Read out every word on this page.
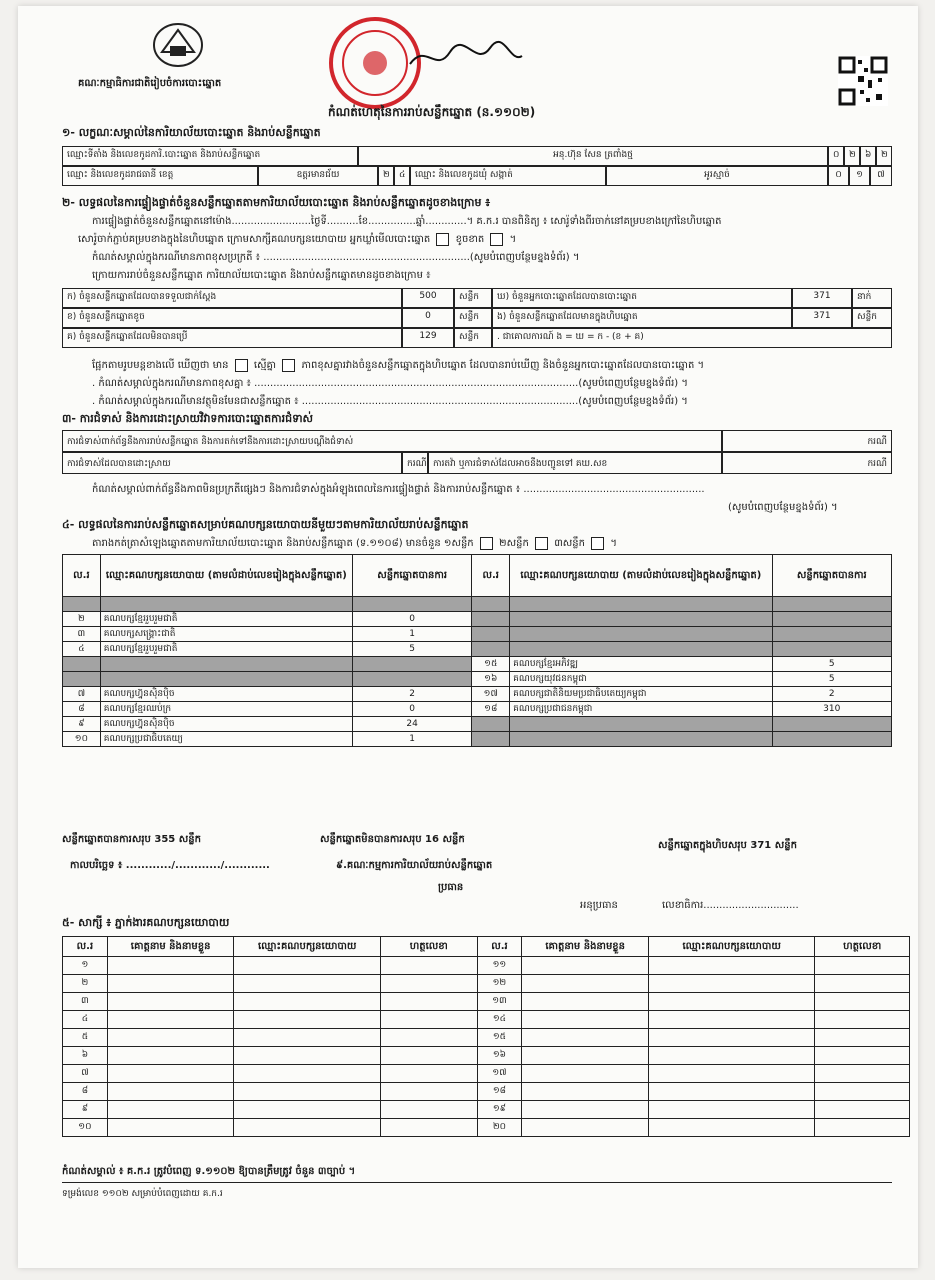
គណៈកម្មាធិការជាតិរៀបចំការបោះឆ្នោត
កំណត់ហេតុនៃការរាប់សន្លឹកឆ្នោត (ន.១១០២)
១- លក្ខណៈសម្គាល់នៃការិយាល័យបោះឆ្នោត និងរាប់សន្លឹកឆ្នោត
ឈ្មោះទីតាំង និងលេខកូដការិ.បោះឆ្នោត និងរាប់សន្លឹកឆ្នោត	អនុ.ហ៊ុន សែន ត្រពាំងថ្ម	០	២	៦	២
ឈ្មោះ និងលេខកូដរាជធានី ខេត្ត	ឧត្តរមានជ័យ	២	៤	ឈ្មោះ និងលេខកូដឃុំ សង្កាត់	អូរស្មាច់	០	១	៧
២- លទ្ធផលនៃការផ្ទៀងផ្ទាត់ចំនួនសន្លឹកឆ្នោតតាមការិយាល័យបោះឆ្នោត និងរាប់សន្លឹកឆ្នោតដូចខាងក្រោម ៖
ការផ្ទៀងផ្ទាត់ចំនួនសន្លឹកឆ្នោតនៅម៉ោង.........................ថ្ងៃទី..........ខែ...............ឆ្នាំ.............។ គ.ក.រ បានពិនិត្យ ៖ សោរ៉ូទាំងពីរចាក់នៅគម្របខាងក្រៅនៃហិបឆ្នោត
សោរ៉ូចាក់ភ្ជាប់គម្របខាងក្នុងនៃហិបឆ្នោត ក្រោមសាក្សីគណបក្សនយោបាយ អ្នកឃ្លាំមើលបោះឆ្នោត	ខូចខាត  ។
កំណត់សម្គាល់ក្នុងករណីមានភាពខុសប្រក្រតី ៖ .................................................................(សូមបំពេញបន្ថែមខ្នងទំព័រ) ។
ក្រោយការរាប់ចំនួនសន្លឹកឆ្នោត ការិយាល័យបោះឆ្នោត និងរាប់សន្លឹកឆ្នោតមានដូចខាងក្រោម ៖
ក) ចំនួនសន្លឹកឆ្នោតដែលបានទទួលជាក់ស្តែង	500	សន្លឹក	ឃ) ចំនួនអ្នកបោះឆ្នោតដែលបានបោះឆ្នោត	371	នាក់
ខ) ចំនួនសន្លឹកឆ្នោតខូច	0	សន្លឹក	ង) ចំនួនសន្លឹកឆ្នោតដែលមានក្នុងហិបឆ្នោត	371	សន្លឹក
គ) ចំនួនសន្លឹកឆ្នោតដែលមិនបានប្រើ	129	សន្លឹក	. ជាគោលការណ៍ ង = ឃ = ក - (ខ + គ)
ផ្អែកតាមរូបមន្តខាងលើ ឃើញថា មាន	ស្មើគ្នា	ភាពខុសគ្នារវាងចំនួនសន្លឹកឆ្នោតក្នុងហិបឆ្នោត ដែលបានរាប់ឃើញ និងចំនួនអ្នកបោះឆ្នោតដែលបានបោះឆ្នោត ។
. កំណត់សម្គាល់ក្នុងករណីមានភាពខុសគ្នា ៖ ......................................................................................................(សូមបំពេញបន្ថែមខ្នងទំព័រ) ។
. កំណត់សម្គាល់ក្នុងករណីមានវត្ថុមិនមែនជាសន្លឹកឆ្នោត ៖ .......................................................................................(សូមបំពេញបន្ថែមខ្នងទំព័រ) ។
៣- ការជំទាស់ និងការដោះស្រាយវិវាទការបោះឆ្នោតការជំទាស់
ការជំទាស់ពាក់ព័ន្ធនឹងការរាប់សន្លឹកឆ្នោត និងការតក់ទៅនឹងការដោះស្រាយបណ្តឹងជំទាស់	ករណី
ការជំទាស់ដែលបានដោះស្រាយ	ករណី ការតវ៉ា ឬការជំទាស់ដែលអាចនឹងបញ្ជូនទៅ គឃ.សខ	ករណី
កំណត់សម្គាល់ពាក់ព័ន្ធនឹងភាពមិនប្រក្រតីផ្សេងៗ និងការជំទាស់ក្នុងអំឡុងពេលនៃការផ្ទៀងផ្ទាត់ និងការរាប់សន្លឹកឆ្នោត ៖ .........................................................
(សូមបំពេញបន្ថែមខ្នងទំព័រ) ។
៤- លទ្ធផលនៃការរាប់សន្លឹកឆ្នោតសម្រាប់គណបក្សនយោបាយនីមួយៗតាមការិយាល័យរាប់សន្លឹកឆ្នោត
តារាងកត់ត្រាសំឡេងឆ្នោតតាមការិយាល័យបោះឆ្នោត និងរាប់សន្លឹកឆ្នោត (ទ.១១០៨) មានចំនួន ១សន្លឹក	២សន្លឹក	៣សន្លឹក  ។
ល.រ	ឈ្មោះគណបក្សនយោបាយ (តាមលំដាប់លេខរៀងក្នុងសន្លឹកឆ្នោត)	សន្លឹកឆ្នោតបានការ	ល.រ	ឈ្មោះគណបក្សនយោបាយ (តាមលំដាប់លេខរៀងក្នុងសន្លឹកឆ្នោត)	សន្លឹកឆ្នោតបានការ

២	គណបក្សខ្មែររួបរួមជាតិ	0			
៣	គណបក្សសង្គ្រោះជាតិ	1			
៤	គណបក្សខ្មែររួបរួមជាតិ	5			
			១៥	គណបក្សខ្មែរអភិវឌ្ឍ	5
			១៦	គណបក្សយុវជនកម្ពុជា	5
៧	គណបក្សហ្វ៊ុនស៊ិនប៉ិច	2	១៧	គណបក្សជាតិនិយមប្រជាធិបតេយ្យកម្ពុជា	2
៨	គណបក្សខ្មែរឈប់ក្រ	0	១៨	គណបក្សប្រជាជនកម្ពុជា	310
៩	គណបក្សហ្វ៊ុនស៊ិនប៉ិច	24			
១០	គណបក្សប្រជាធិបតេយ្យ	1			
សន្លឹកឆ្នោតបានការសរុប 355 សន្លឹក	សន្លឹកឆ្នោតមិនបានការសរុប 16 សន្លឹក
សន្លឹកឆ្នោតក្នុងហិបសរុប 371 សន្លឹក
កាលបរិច្ឆេទ ៖ ............/............/............	៩.គណៈកម្មការការិយាល័យរាប់សន្លឹកឆ្នោត
ប្រធាន
អនុប្រធាន	លេខាធិការ..............................
៥- សាក្សី ៖ ភ្នាក់ងារគណបក្សនយោបាយ
ល.រ	គោត្តនាម និងនាមខ្លួន	ឈ្មោះគណបក្សនយោបាយ	ហត្ថលេខា	ល.រ	គោត្តនាម និងនាមខ្លួន	ឈ្មោះគណបក្សនយោបាយ	ហត្ថលេខា
១				១១			
២				១២			
៣				១៣			
៤				១៤			
៥				១៥			
៦				១៦			
៧				១៧			
៨				១៨			
៩				១៩			
១០				២០			
កំណត់សម្គាល់ ៖ គ.ក.រ ត្រូវបំពេញ ទ.១១០២ ឱ្យបានត្រឹមត្រូវ ចំនួន ៣ច្បាប់ ។
ទម្រង់លេខ ១១០២ សម្រាប់បំពេញដោយ គ.ក.រ
